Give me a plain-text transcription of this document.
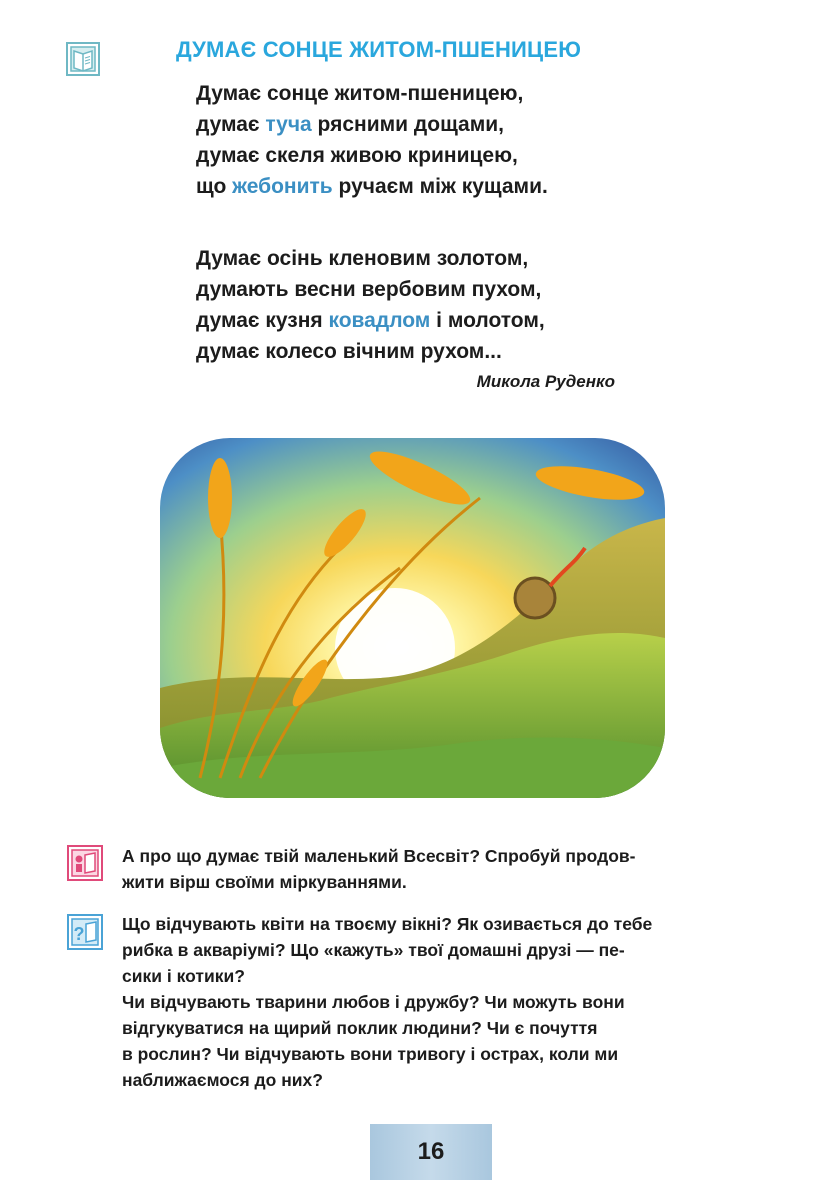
ДУМАЄ СОНЦЕ ЖИТОМ-ПШЕНИЦЕЮ
Думає сонце житом-пшеницею,
думає туча рясними дощами,
думає скеля живою криницею,
що жебонить ручаєм між кущами.
Думає осінь кленовим золотом,
думають весни вербовим пухом,
думає кузня ковадлом і молотом,
думає колесо вічним рухом...
Микола Руденко
А про що думає твій маленький Всесвіт? Спробуй продов-
жити вірш своїми міркуваннями.
? Що відчувають квіти на твоєму вікні? Як озивається до тебе
рибка в акваріумі? Що «кажуть» твої домашні друзі — пе-
сики і котики?
Чи відчувають тварини любов і дружбу? Чи можуть вони
відгукуватися на щирий поклик людини? Чи є почуття
в рослин? Чи відчувають вони тривогу і острах, коли ми
наближаємося до них?
16
